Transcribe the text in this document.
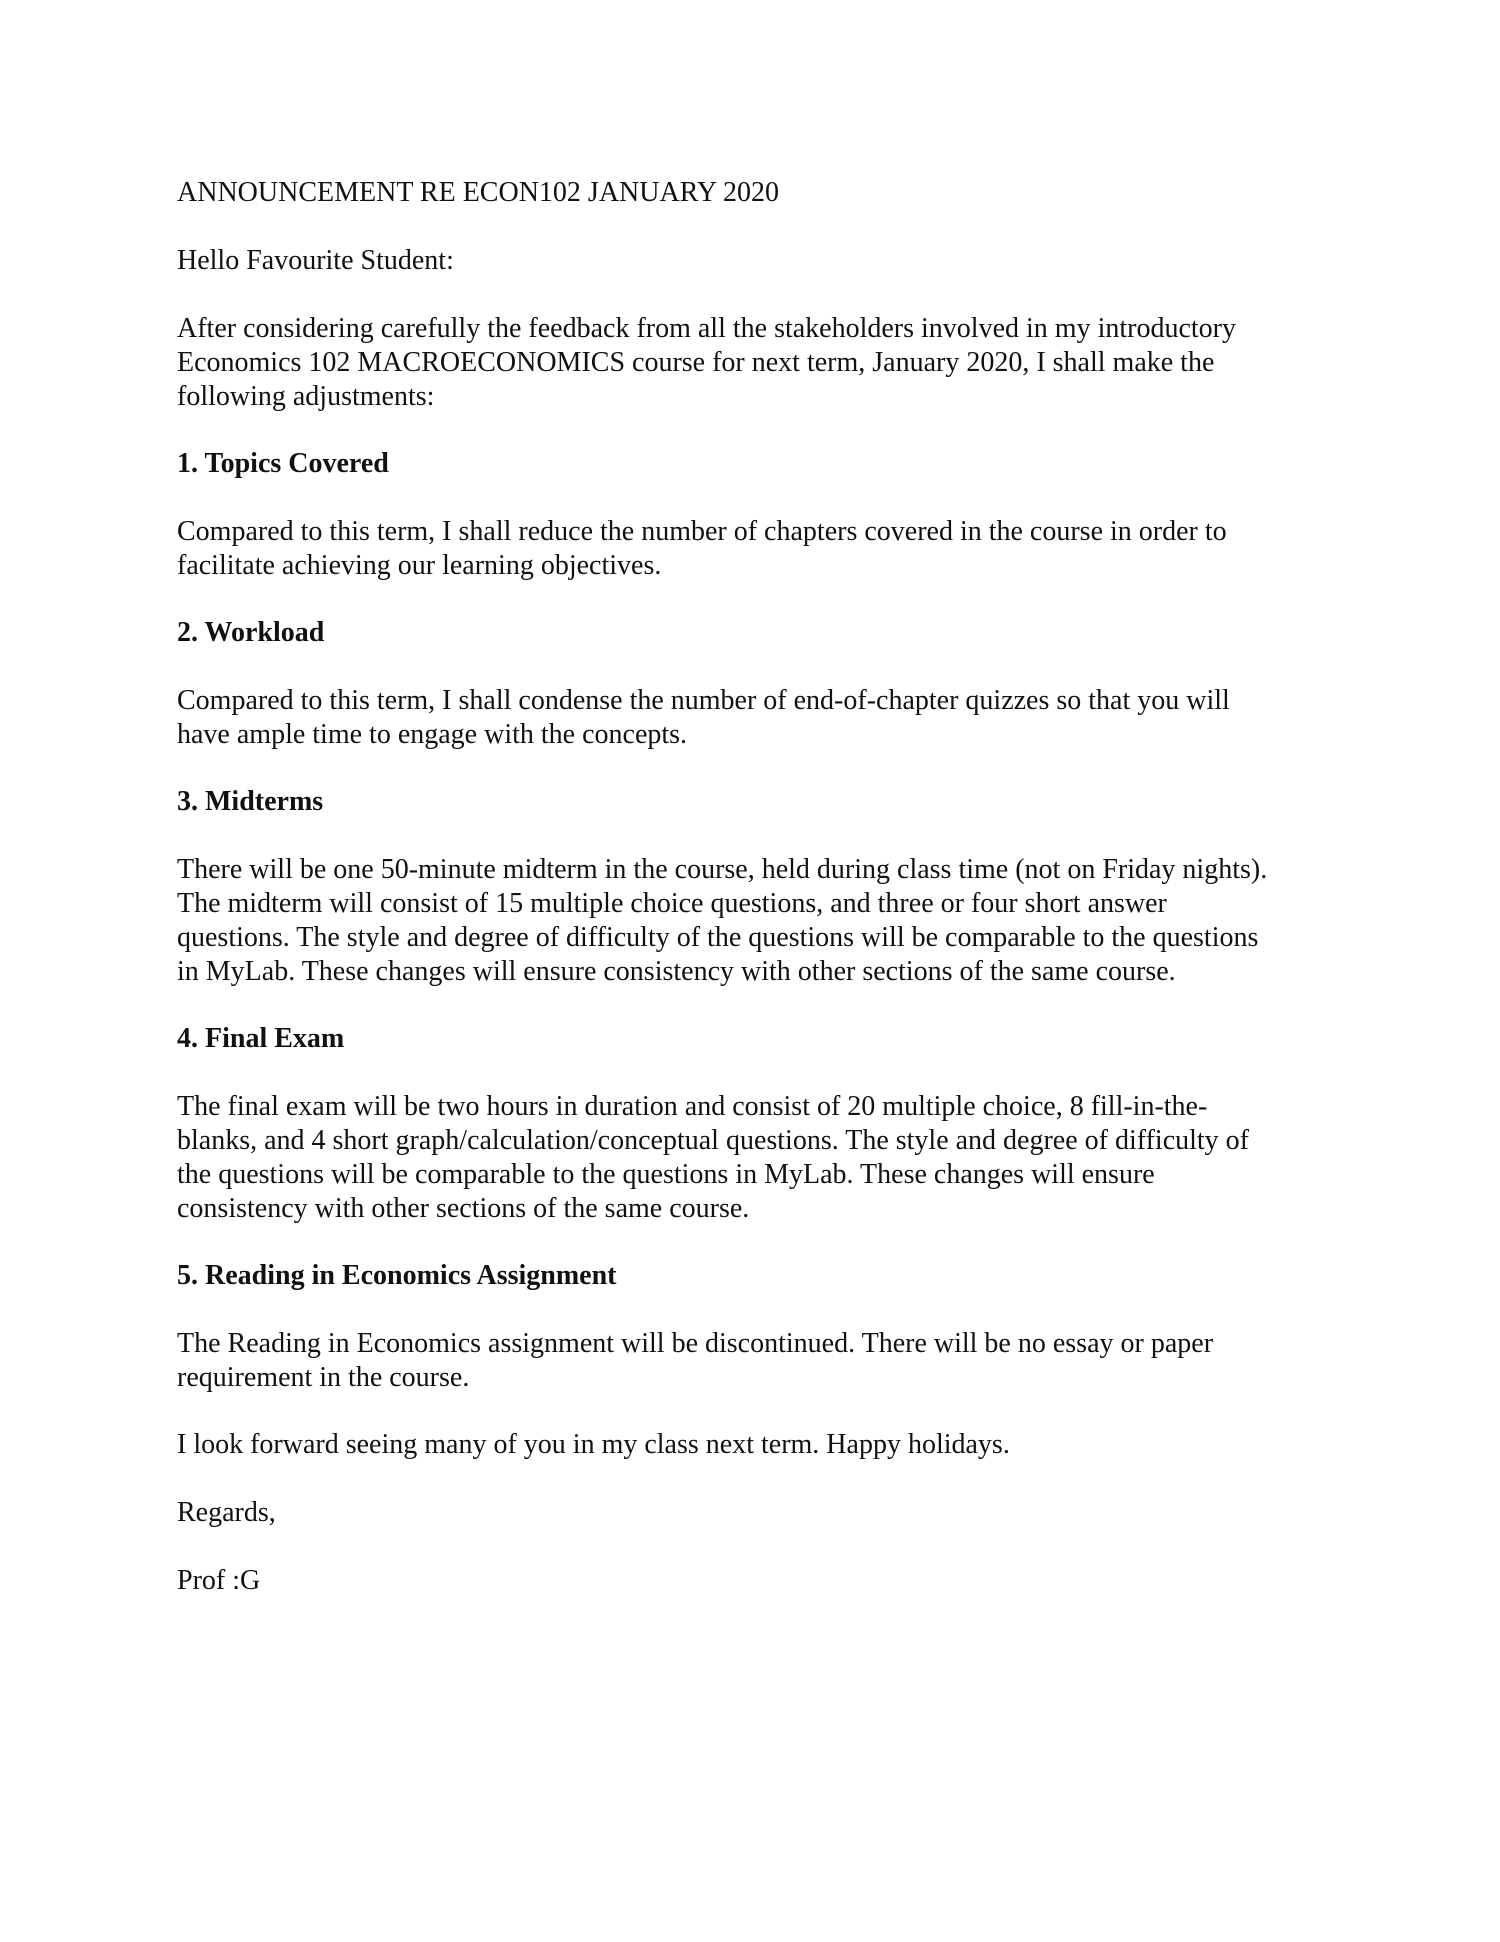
ANNOUNCEMENT RE ECON102 JANUARY 2020
Hello Favourite Student:
After considering carefully the feedback from all the stakeholders involved in my introductory
Economics 102 MACROECONOMICS course for next term, January 2020, I shall make the
following adjustments:
1. Topics Covered
Compared to this term, I shall reduce the number of chapters covered in the course in order to
facilitate achieving our learning objectives.
2. Workload
Compared to this term, I shall condense the number of end-of-chapter quizzes so that you will
have ample time to engage with the concepts.
3. Midterms
There will be one 50-minute midterm in the course, held during class time (not on Friday nights).
The midterm will consist of 15 multiple choice questions, and three or four short answer
questions. The style and degree of difficulty of the questions will be comparable to the questions
in MyLab. These changes will ensure consistency with other sections of the same course.
4. Final Exam
The final exam will be two hours in duration and consist of 20 multiple choice, 8 fill-in-the-
blanks, and 4 short graph/calculation/conceptual questions. The style and degree of difficulty of
the questions will be comparable to the questions in MyLab. These changes will ensure
consistency with other sections of the same course.
5. Reading in Economics Assignment
The Reading in Economics assignment will be discontinued. There will be no essay or paper
requirement in the course.
I look forward seeing many of you in my class next term. Happy holidays.
Regards,
Prof :G
